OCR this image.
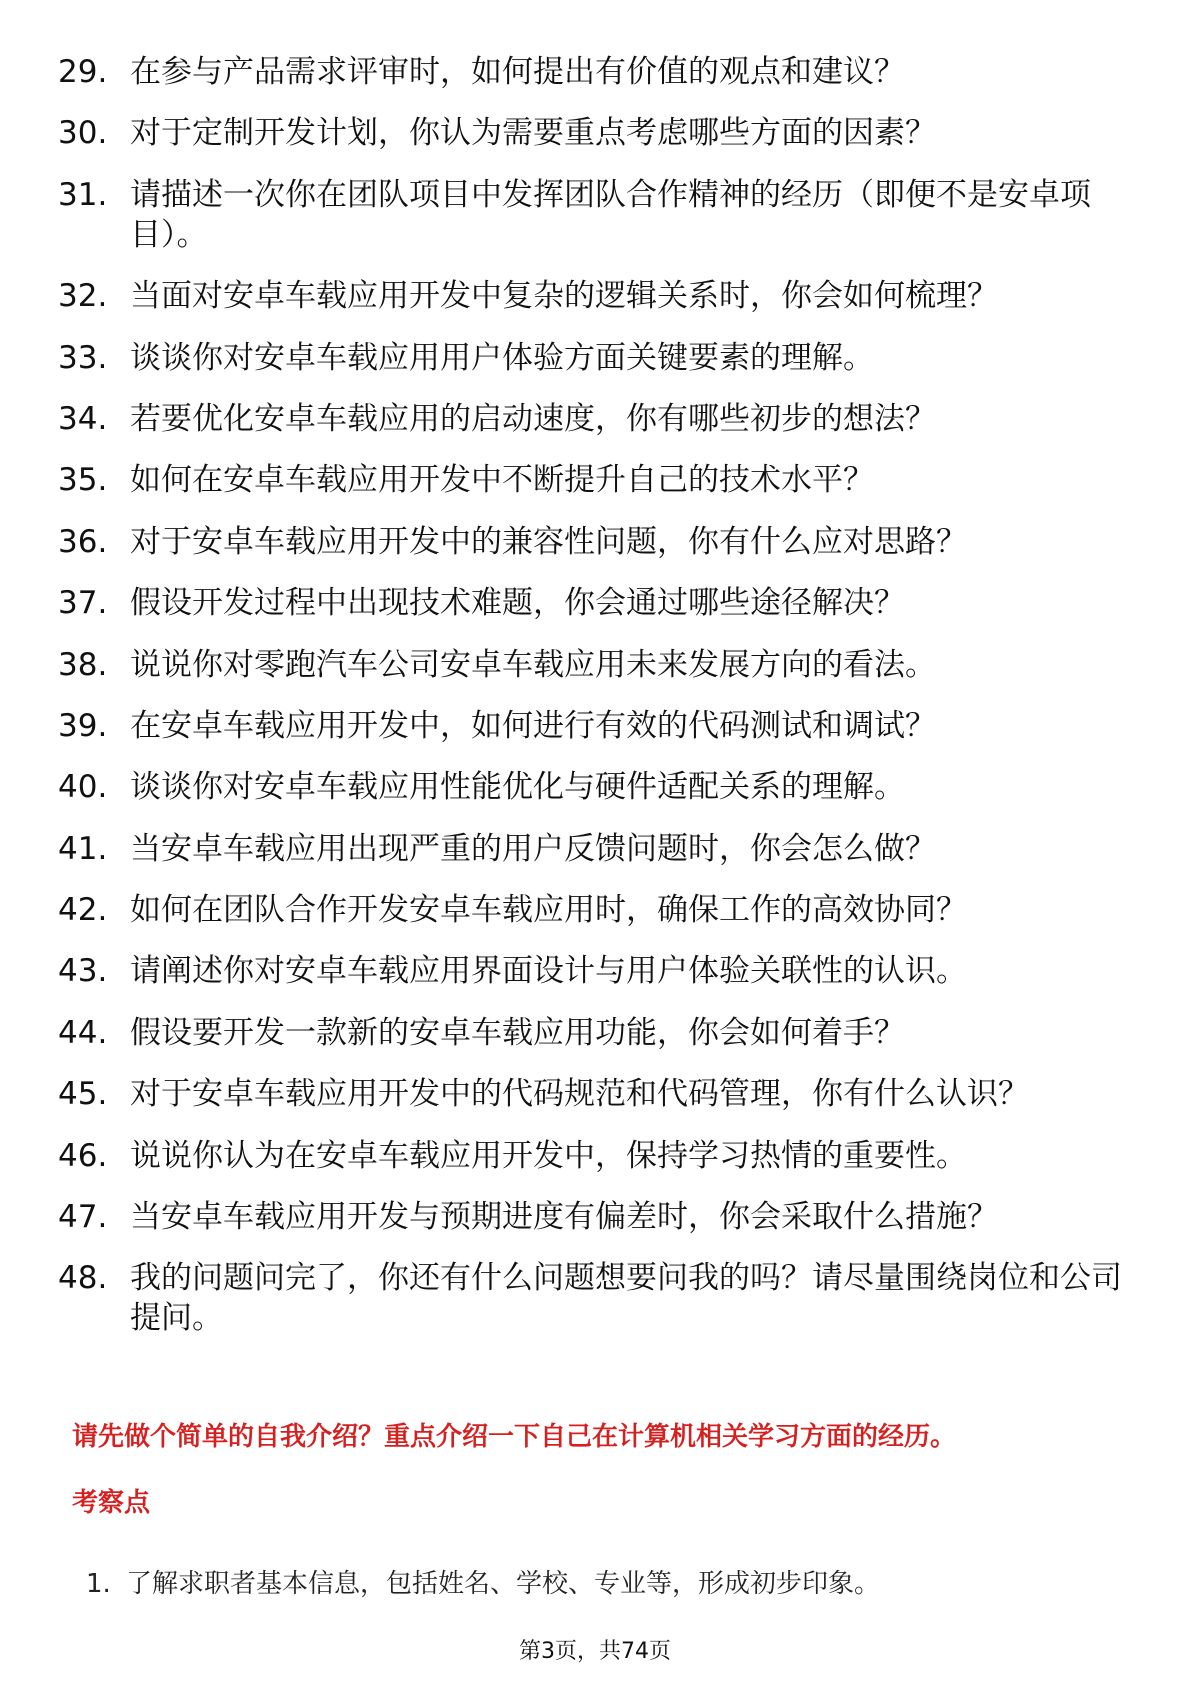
29. 在参与产品需求评审时，如何提出有价值的观点和建议？
30. 对于定制开发计划，你认为需要重点考虑哪些方面的因素？
31. 请描述一次你在团队项目中发挥团队合作精神的经历（即便不是安卓项目）。
32. 当面对安卓车载应用开发中复杂的逻辑关系时，你会如何梳理？
33. 谈谈你对安卓车载应用用户体验方面关键要素的理解。
34. 若要优化安卓车载应用的启动速度，你有哪些初步的想法？
35. 如何在安卓车载应用开发中不断提升自己的技术水平？
36. 对于安卓车载应用开发中的兼容性问题，你有什么应对思路？
37. 假设开发过程中出现技术难题，你会通过哪些途径解决？
38. 说说你对零跑汽车公司安卓车载应用未来发展方向的看法。
39. 在安卓车载应用开发中，如何进行有效的代码测试和调试？
40. 谈谈你对安卓车载应用性能优化与硬件适配关系的理解。
41. 当安卓车载应用出现严重的用户反馈问题时，你会怎么做？
42. 如何在团队合作开发安卓车载应用时，确保工作的高效协同？
43. 请阐述你对安卓车载应用界面设计与用户体验关联性的认识。
44. 假设要开发一款新的安卓车载应用功能，你会如何着手？
45. 对于安卓车载应用开发中的代码规范和代码管理，你有什么认识？
46. 说说你认为在安卓车载应用开发中，保持学习热情的重要性。
47. 当安卓车载应用开发与预期进度有偏差时，你会采取什么措施？
48. 我的问题问完了，你还有什么问题想要问我的吗？请尽量围绕岗位和公司提问。
请先做个简单的自我介绍？重点介绍一下自己在计算机相关学习方面的经历。
考察点
1. 了解求职者基本信息，包括姓名、学校、专业等，形成初步印象。
第3页，共74页
